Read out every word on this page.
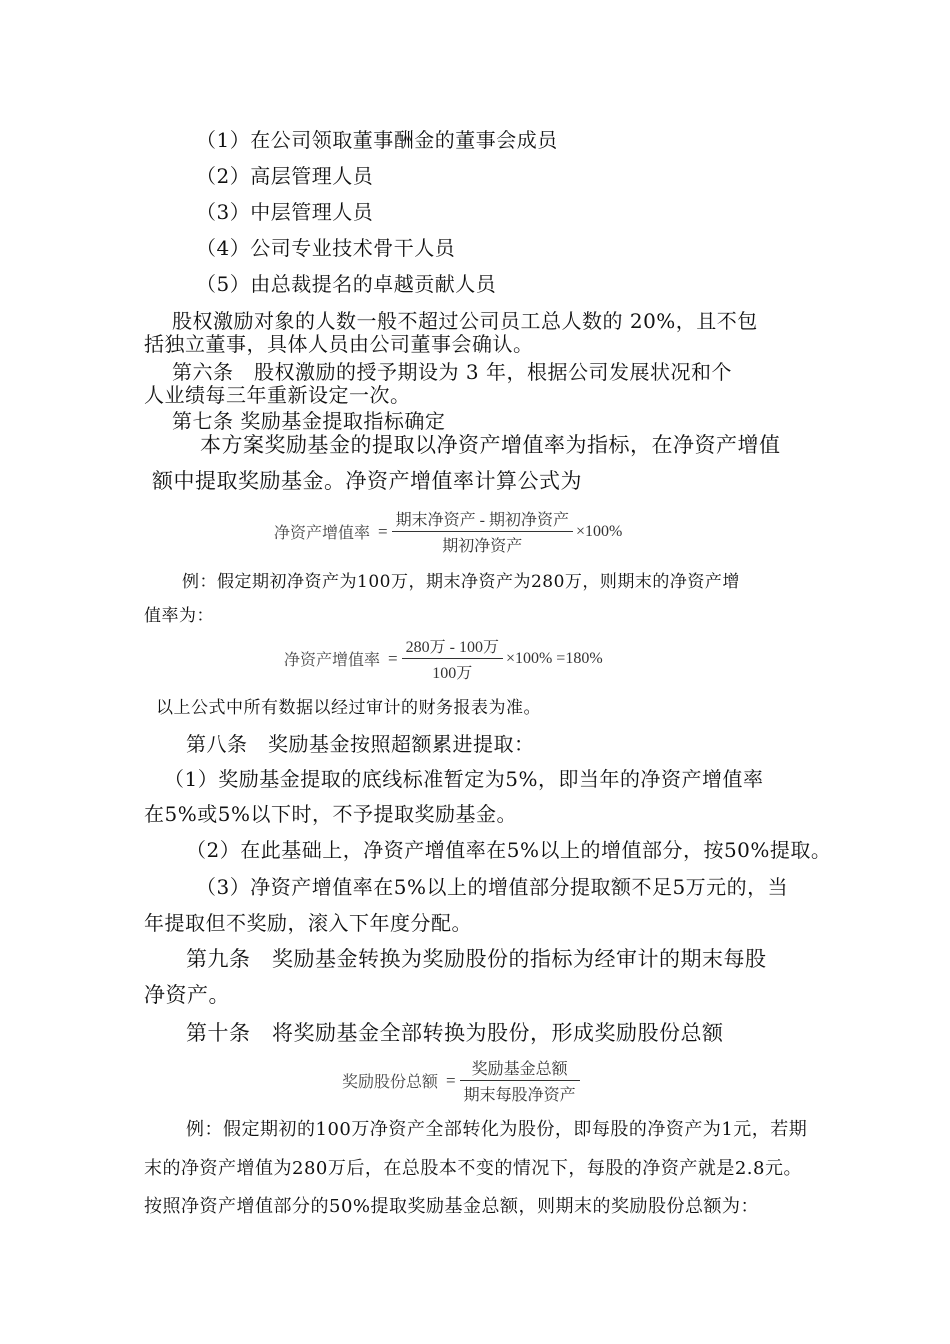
（1）在公司领取董事酬金的董事会成员
（2）高层管理人员
（3）中层管理人员
（4）公司专业技术骨干人员
（5）由总裁提名的卓越贡献人员
股权激励对象的人数一般不超过公司员工总人数的 20%，且不包
括独立董事，具体人员由公司董事会确认。
第六条　股权激励的授予期设为 3 年，根据公司发展状况和个
人业绩每三年重新设定一次。
第七条 奖励基金提取指标确定
本方案奖励基金的提取以净资产增值率为指标，在净资产增值
额中提取奖励基金。净资产增值率计算公式为
净资产增值率 = $\frac{\text{期末净资产 - 期初净资产}}{\text{期初净资产}} \times 100\%$
例：假定期初净资产为100万，期末净资产为280万，则期末的净资产增
值率为：
净资产增值率 = $\frac{\text{280万 - 100万}}{\text{100万}} \times 100\% =180\%$
以上公式中所有数据以经过审计的财务报表为准。
第八条　奖励基金按照超额累进提取：
（1）奖励基金提取的底线标准暂定为5%，即当年的净资产增值率
在5%或5%以下时，不予提取奖励基金。
（2）在此基础上，净资产增值率在5%以上的增值部分，按50%提取。
（3）净资产增值率在5%以上的增值部分提取额不足5万元的，当
年提取但不奖励，滚入下年度分配。
第九条　奖励基金转换为奖励股份的指标为经审计的期末每股
净资产。
第十条　将奖励基金全部转换为股份，形成奖励股份总额
奖励股份总额 = $\frac{\text{奖励基金总额}}{\text{期末每股净资产}}$
例：假定期初的100万净资产全部转化为股份，即每股的净资产为1元，若期
末的净资产增值为280万后，在总股本不变的情况下，每股的净资产就是2.8元。
按照净资产增值部分的50%提取奖励基金总额，则期末的奖励股份总额为：
